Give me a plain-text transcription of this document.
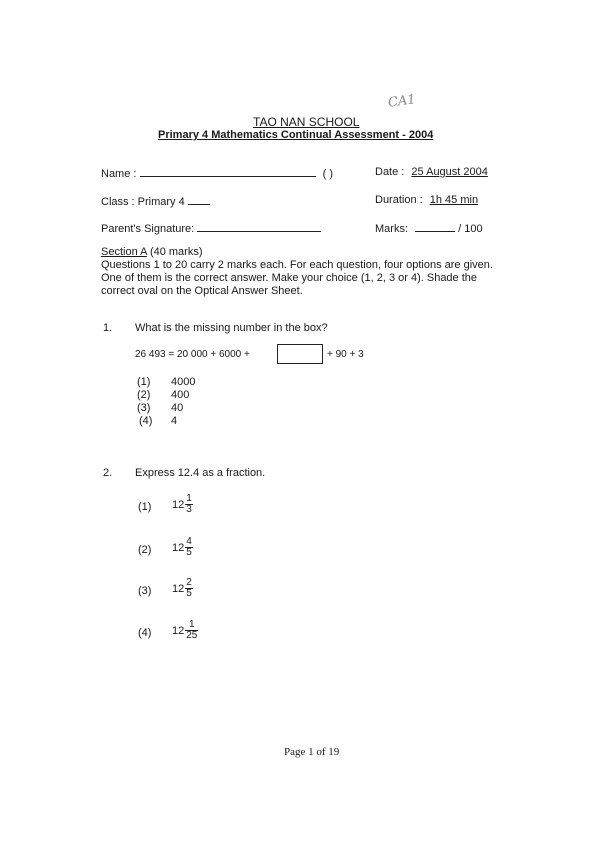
CA1
TAO NAN SCHOOL
Primary 4 Mathematics Continual Assessment - 2004
Name :	( )	Date : 25 August 2004
Class : Primary 4	Duration : 1h 45 min
Parent's Signature:	Marks:	/ 100
Section A (40 marks)
Questions 1 to 20 carry 2 marks each. For each question, four options are given.
One of them is the correct answer. Make your choice (1, 2, 3 or 4). Shade the
correct oval on the Optical Answer Sheet.
1. What is the missing number in the box?
26 493 = 20 000 + 6000 +	+ 90 + 3
(1) 4000
(2) 400
(3) 40
(4) 4
2. Express 12.4 as a fraction.
(1) $12 \frac{1}{3}$
(2) $12 \frac{4}{5}$
(3) $12 \frac{2}{5}$
(4) $12 \frac{1}{25}$
Page 1 of 19
